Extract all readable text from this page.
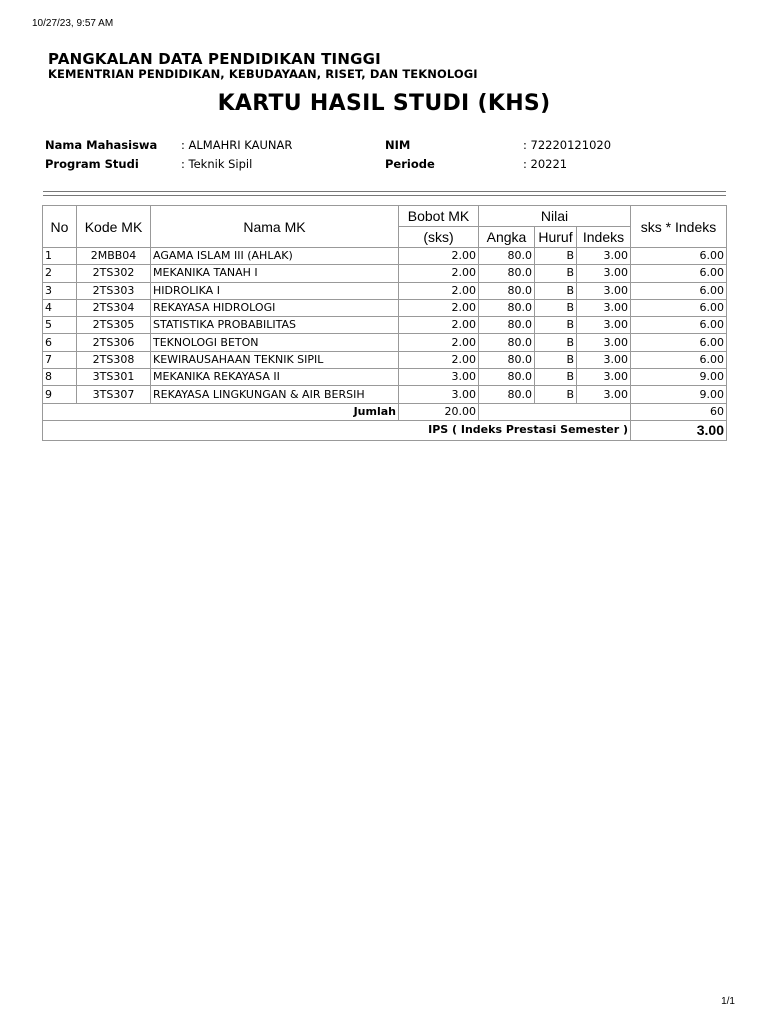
10/27/23, 9:57 AM
PANGKALAN DATA PENDIDIKAN TINGGI
KEMENTRIAN PENDIDIKAN, KEBUDAYAAN, RISET, DAN TEKNOLOGI
KARTU HASIL STUDI (KHS)
Nama Mahasiswa : ALMAHRI KAUNAR	NIM	: 72220121020
Program Studi	: Teknik Sipil	Periode	: 20221
No	Kode MK	Nama MK	Bobot MK	Nilai			sks * Indeks
			(sks)	Angka	Huruf	Indeks	
1	2MBB04	AGAMA ISLAM III (AHLAK)	2.00	80.0	B	3.00	6.00
2	2TS302	MEKANIKA TANAH I	2.00	80.0	B	3.00	6.00
3	2TS303	HIDROLIKA I	2.00	80.0	B	3.00	6.00
4	2TS304	REKAYASA HIDROLOGI	2.00	80.0	B	3.00	6.00
5	2TS305	STATISTIKA PROBABILITAS	2.00	80.0	B	3.00	6.00
6	2TS306	TEKNOLOGI BETON	2.00	80.0	B	3.00	6.00
7	2TS308	KEWIRAUSAHAAN TEKNIK SIPIL	2.00	80.0	B	3.00	6.00
8	3TS301	MEKANIKA REKAYASA II	3.00	80.0	B	3.00	9.00
9	3TS307	REKAYASA LINGKUNGAN & AIR BERSIH	3.00	80.0	B	3.00	9.00
Jumlah			20.00				60
IPS ( Indeks Prestasi Semester )							3.00
1/1
